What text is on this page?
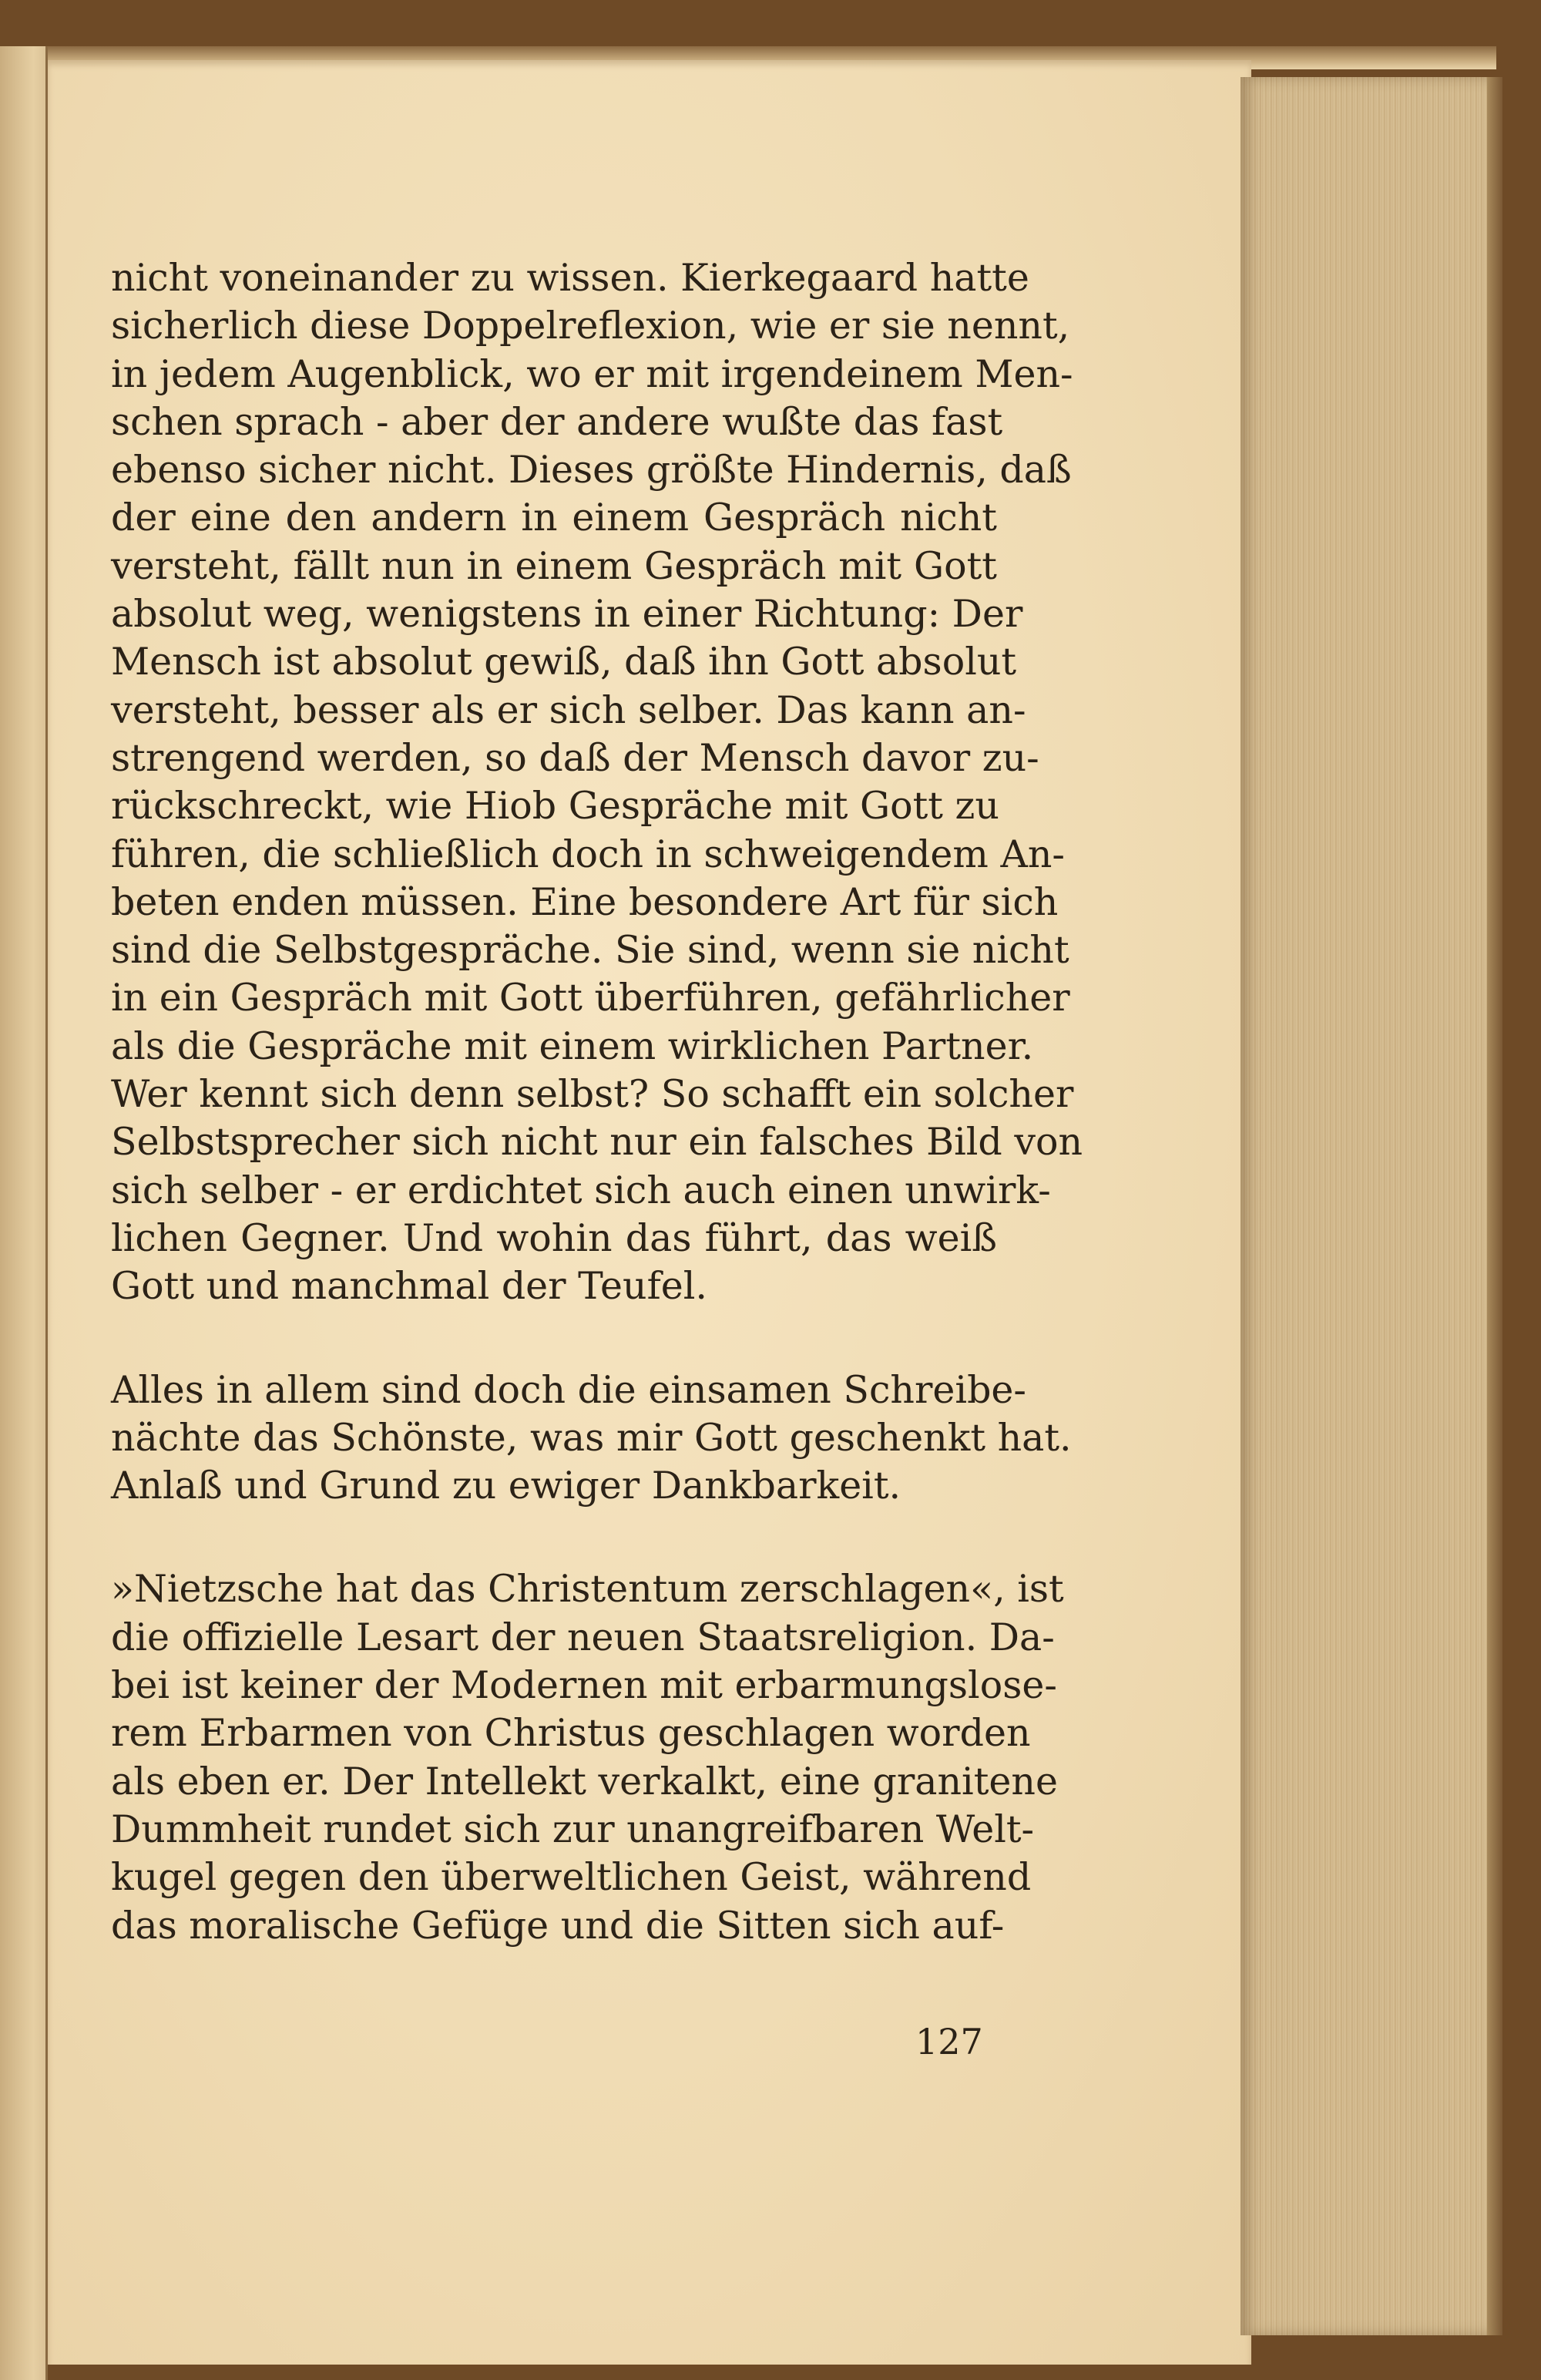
nicht voneinander zu wissen. Kierkegaard hatte
sicherlich diese Doppelreflexion, wie er sie nennt,
in jedem Augenblick, wo er mit irgendeinem Men-
schen sprach - aber der andere wußte das fast
ebenso sicher nicht. Dieses größte Hindernis, daß
der eine den andern in einem Gespräch nicht
versteht, fällt nun in einem Gespräch mit Gott
absolut weg, wenigstens in einer Richtung: Der
Mensch ist absolut gewiß, daß ihn Gott absolut
versteht, besser als er sich selber. Das kann an-
strengend werden, so daß der Mensch davor zu-
rückschreckt, wie Hiob Gespräche mit Gott zu
führen, die schließlich doch in schweigendem An-
beten enden müssen. Eine besondere Art für sich
sind die Selbstgespräche. Sie sind, wenn sie nicht
in ein Gespräch mit Gott überführen, gefährlicher
als die Gespräche mit einem wirklichen Partner.
Wer kennt sich denn selbst? So schafft ein solcher
Selbstsprecher sich nicht nur ein falsches Bild von
sich selber - er erdichtet sich auch einen unwirk-
lichen Gegner. Und wohin das führt, das weiß
Gott und manchmal der Teufel.
Alles in allem sind doch die einsamen Schreibe-
nächte das Schönste, was mir Gott geschenkt hat.
Anlaß und Grund zu ewiger Dankbarkeit.
»Nietzsche hat das Christentum zerschlagen«, ist
die offizielle Lesart der neuen Staatsreligion. Da-
bei ist keiner der Modernen mit erbarmungslose-
rem Erbarmen von Christus geschlagen worden
als eben er. Der Intellekt verkalkt, eine granitene
Dummheit rundet sich zur unangreifbaren Welt-
kugel gegen den überweltlichen Geist, während
das moralische Gefüge und die Sitten sich auf-
127
